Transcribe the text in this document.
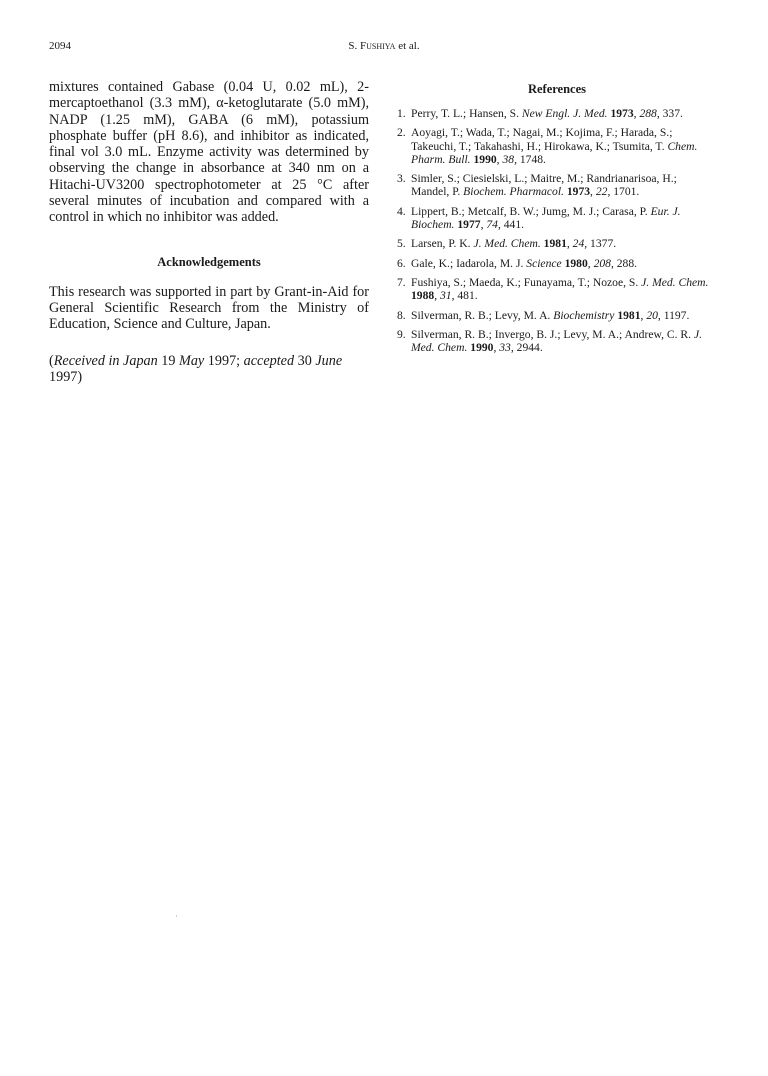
2094	S. Fushiya et al.

mixtures contained Gabase (0.04 U, 0.02 mL), 2-mercaptoethanol (3.3 mM), α-ketoglutarate (5.0 mM), NADP (1.25 mM), GABA (6 mM), potassium phosphate buffer (pH 8.6), and inhibitor as indicated, final vol 3.0 mL. Enzyme activity was determined by observing the change in absorbance at 340 nm on a Hitachi-UV3200 spectrophotometer at 25 °C after several minutes of incubation and compared with a control in which no inhibitor was added.

Acknowledgements

This research was supported in part by Grant-in-Aid for General Scientific Research from the Ministry of Education, Science and Culture, Japan.

(Received in Japan 19 May 1997; accepted 30 June 1997)

References
1. Perry, T. L.; Hansen, S. New Engl. J. Med. 1973, 288, 337.
2. Aoyagi, T.; Wada, T.; Nagai, M.; Kojima, F.; Harada, S.; Takeuchi, T.; Takahashi, H.; Hirokawa, K.; Tsumita, T. Chem. Pharm. Bull. 1990, 38, 1748.
3. Simler, S.; Ciesielski, L.; Maitre, M.; Randrianarisoa, H.; Mandel, P. Biochem. Pharmacol. 1973, 22, 1701.
4. Lippert, B.; Metcalf, B. W.; Jumg, M. J.; Carasa, P. Eur. J. Biochem. 1977, 74, 441.
5. Larsen, P. K. J. Med. Chem. 1981, 24, 1377.
6. Gale, K.; Iadarola, M. J. Science 1980, 208, 288.
7. Fushiya, S.; Maeda, K.; Funayama, T.; Nozoe, S. J. Med. Chem. 1988, 31, 481.
8. Silverman, R. B.; Levy, M. A. Biochemistry 1981, 20, 1197.
9. Silverman, R. B.; Invergo, B. J.; Levy, M. A.; Andrew, C. R. J. Med. Chem. 1990, 33, 2944.
